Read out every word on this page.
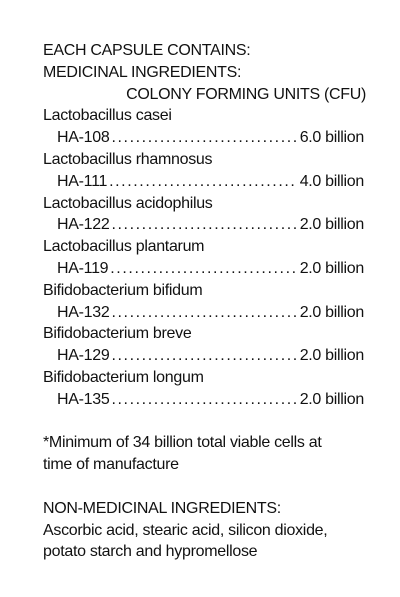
EACH CAPSULE CONTAINS:
MEDICINAL INGREDIENTS:
COLONY FORMING UNITS (CFU)
Lactobacillus casei
HA-108 .....	6.0 billion
Lactobacillus rhamnosus
HA-111 .....	4.0 billion
Lactobacillus acidophilus
HA-122 .....	2.0 billion
Lactobacillus plantarum
HA-119 .....	2.0 billion
Bifidobacterium bifidum
HA-132 .....	2.0 billion
Bifidobacterium breve
HA-129 .....	2.0 billion
Bifidobacterium longum
HA-135 .....	2.0 billion
*Minimum of 34 billion total viable cells at
time of manufacture
NON-MEDICINAL INGREDIENTS:
Ascorbic acid, stearic acid, silicon dioxide,
potato starch and hypromellose
